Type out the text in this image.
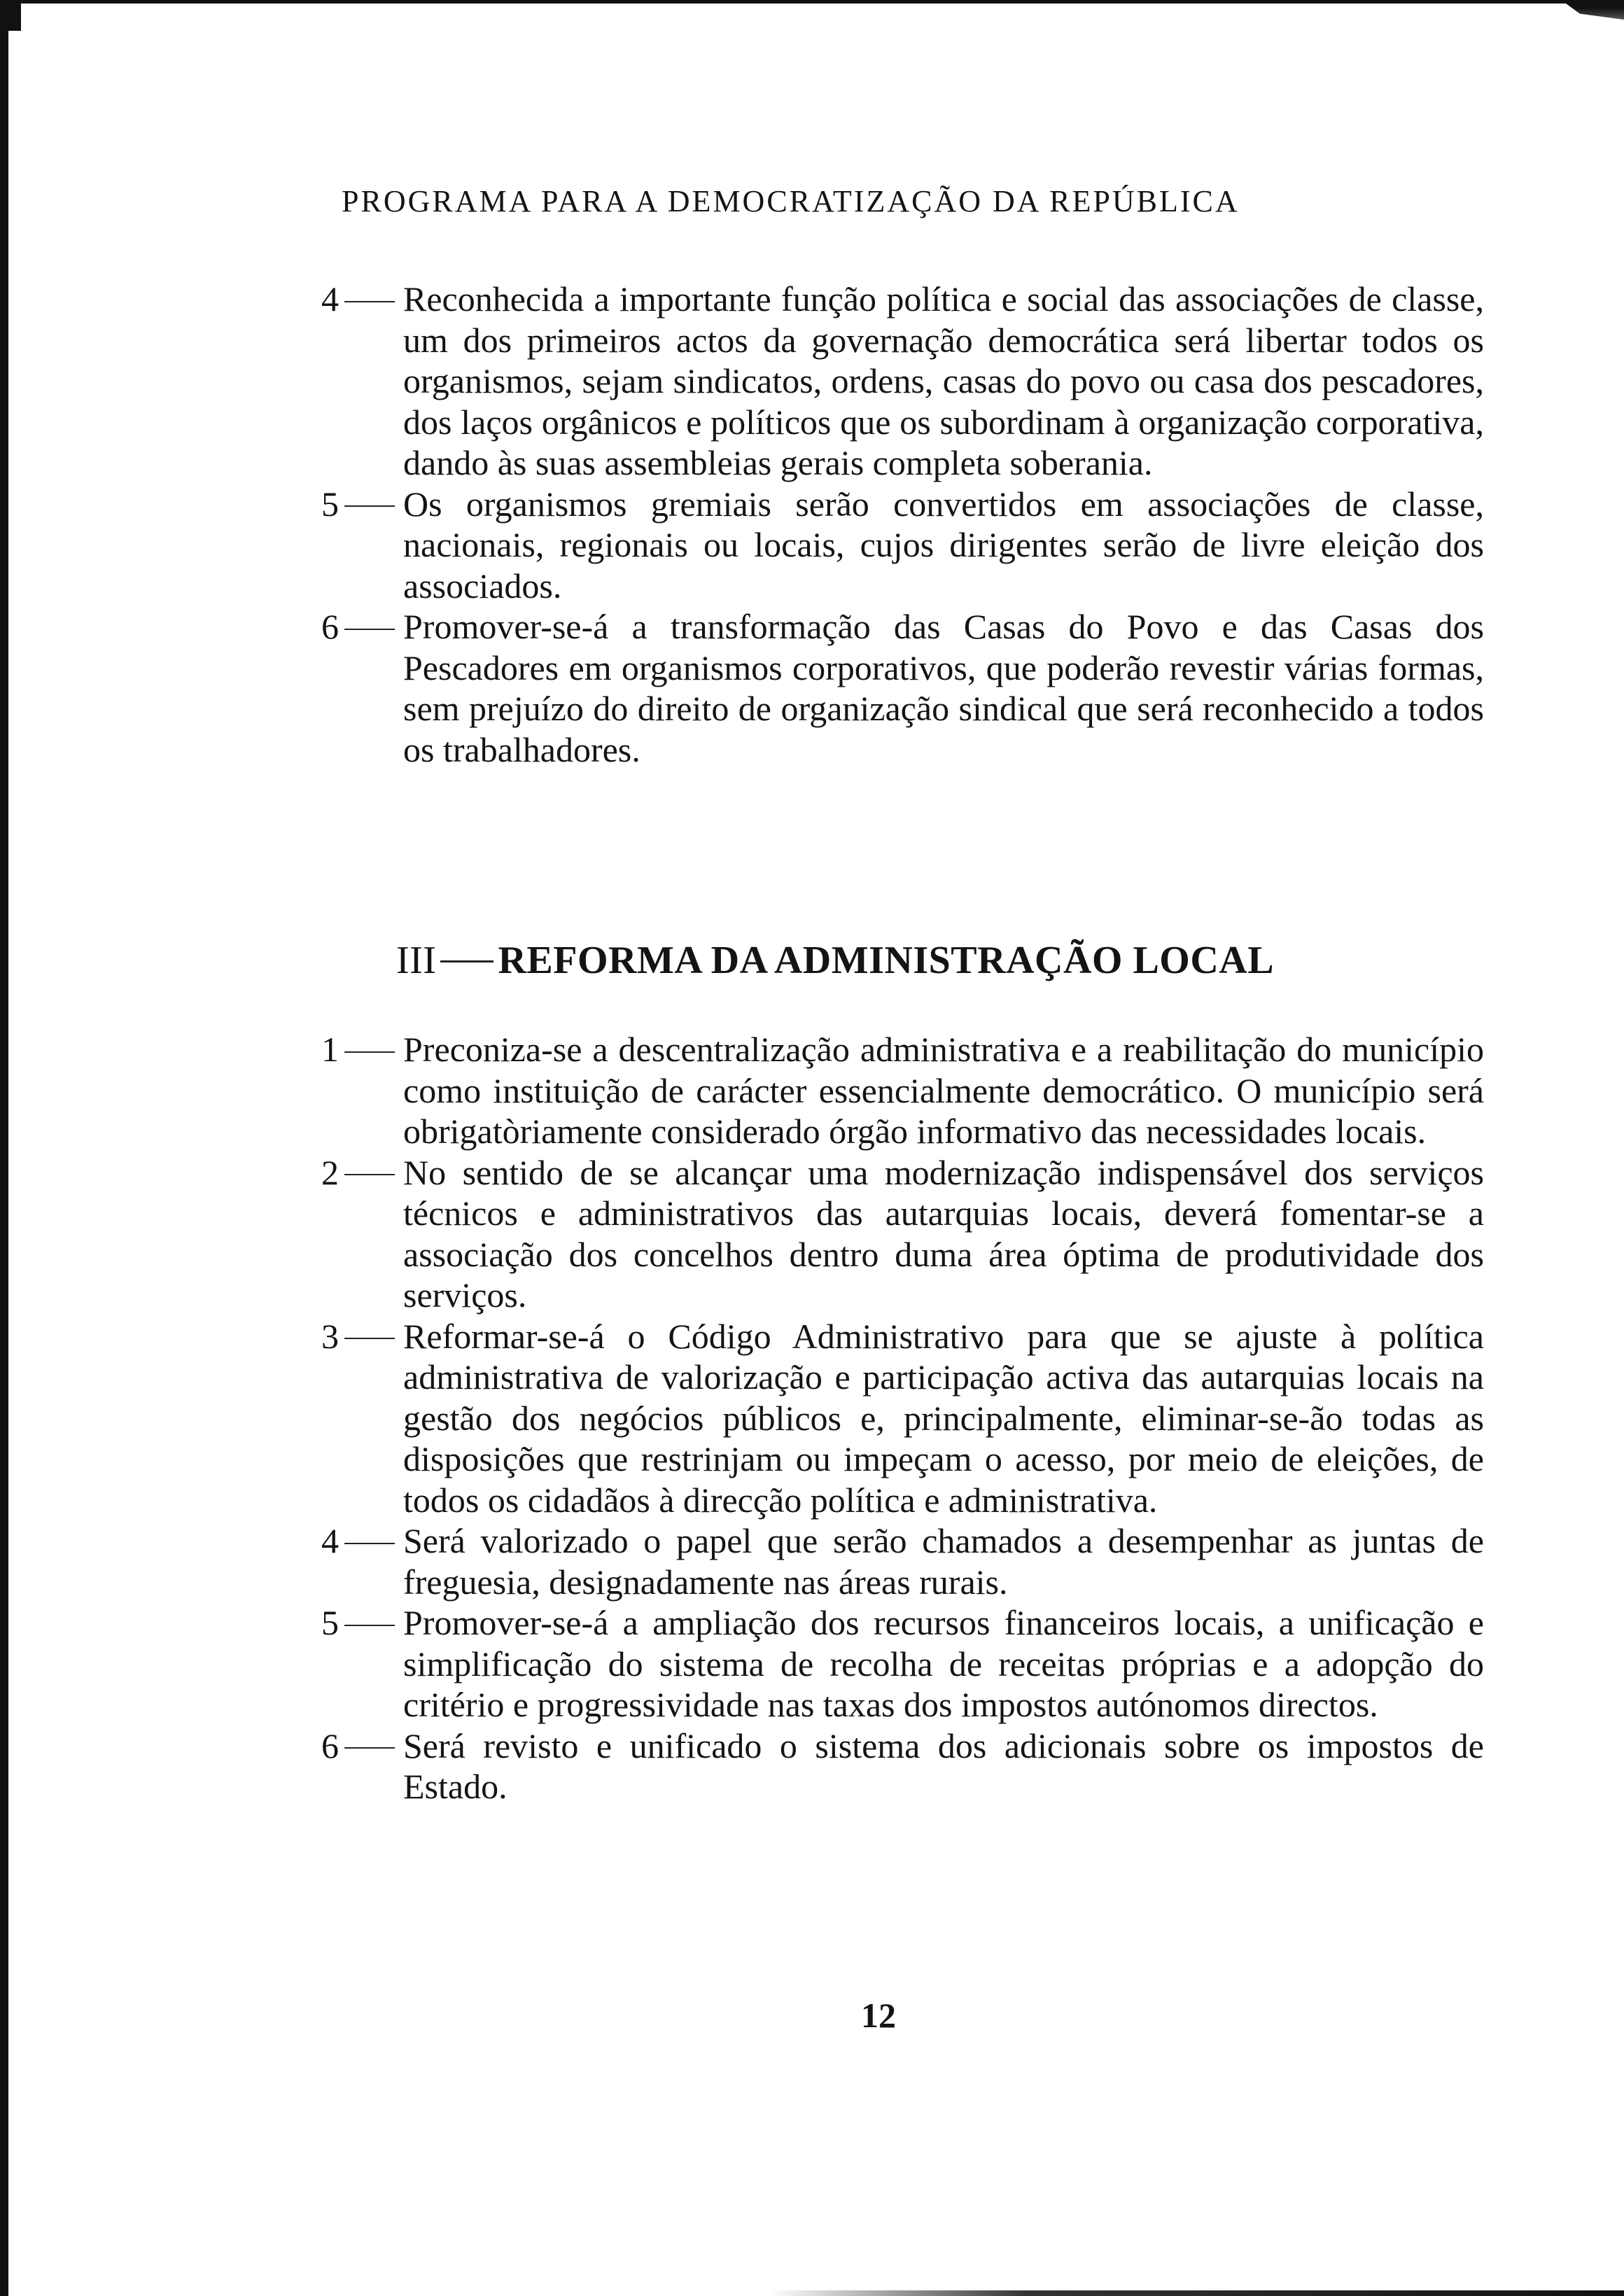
PROGRAMA PARA A DEMOCRATIZAÇÃO DA REPÚBLICA
4	Reconhecida a importante função política e social das associações de classe, um dos primeiros actos da governação democrática será libertar todos os organismos, sejam sindicatos, ordens, casas do povo ou casa dos pescadores, dos laços orgânicos e políticos que os subordinam à organização corporativa, dando às suas assembleias gerais completa soberania.
5	Os organismos gremiais serão convertidos em associações de classe, nacionais, regionais ou locais, cujos dirigentes serão de livre eleição dos associados.
6	Promover-se-á a transformação das Casas do Povo e das Casas dos Pescadores em organismos corporativos, que poderão revestir várias formas, sem prejuízo do direito de organização sindical que será reconhecido a todos os trabalhadores.
III REFORMA DA ADMINISTRAÇÃO LOCAL
1	Preconiza-se a descentralização administrativa e a reabilitação do município como instituição de carácter essencialmente democrático. O município será obrigatòriamente considerado órgão informativo das necessidades locais.
2	No sentido de se alcançar uma modernização indispensável dos serviços técnicos e administrativos das autarquias locais, deverá fomentar-se a associação dos concelhos dentro duma área óptima de produtividade dos serviços.
3	Reformar-se-á o Código Administrativo para que se ajuste à política administrativa de valorização e participação activa das autarquias locais na gestão dos negócios públicos e, principalmente, eliminar-se-ão todas as disposições que restrinjam ou impeçam o acesso, por meio de eleições, de todos os cidadãos à direcção política e administrativa.
4	Será valorizado o papel que serão chamados a desempenhar as juntas de freguesia, designadamente nas áreas rurais.
5	Promover-se-á a ampliação dos recursos financeiros locais, a unificação e simplificação do sistema de recolha de receitas próprias e a adopção do critério e progressividade nas taxas dos impostos autónomos directos.
6	Será revisto e unificado o sistema dos adicionais sobre os impostos de Estado.
12
